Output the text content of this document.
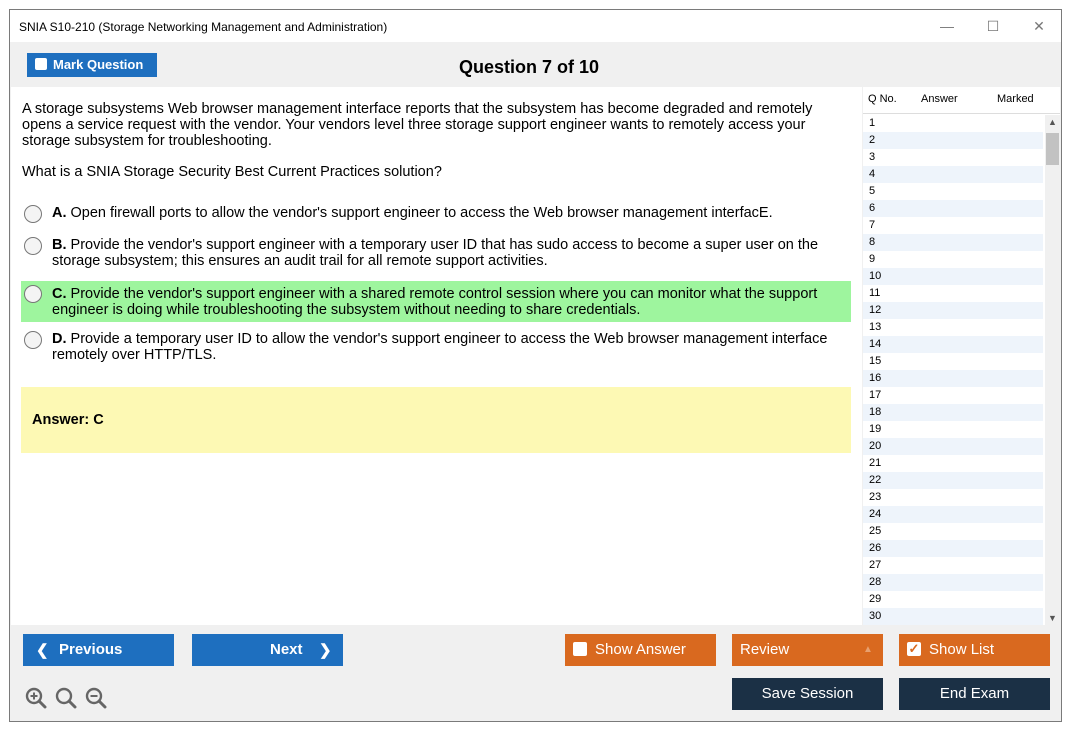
SNIA S10-210 (Storage Networking Management and Administration)	—	☐	✕
Mark Question	Question 7 of 10
A storage subsystems Web browser management interface reports that the subsystem has become degraded and remotely opens a service request with the vendor. Your vendors level three storage support engineer wants to remotely access your storage subsystem for troubleshooting.
What is a SNIA Storage Security Best Current Practices solution?
A. Open firewall ports to allow the vendor's support engineer to access the Web browser management interfacE.
B. Provide the vendor's support engineer with a temporary user ID that has sudo access to become a super user on the storage subsystem; this ensures an audit trail for all remote support activities.
C. Provide the vendor's support engineer with a shared remote control session where you can monitor what the support engineer is doing while troubleshooting the subsystem without needing to share credentials.
D. Provide a temporary user ID to allow the vendor's support engineer to access the Web browser management interface remotely over HTTP/TLS.
Answer: C
Q No. Answer	Marked
1
2
3
4
5
6
7
8
9
10
11
12
13
14
15
16
17
18
19
20
21
22
23
24
25
26
27
28
29
30
▲
▼
❮ Previous	Next ❯	Show Answer	Review	▲	✓ Show List
Save Session	End Exam
